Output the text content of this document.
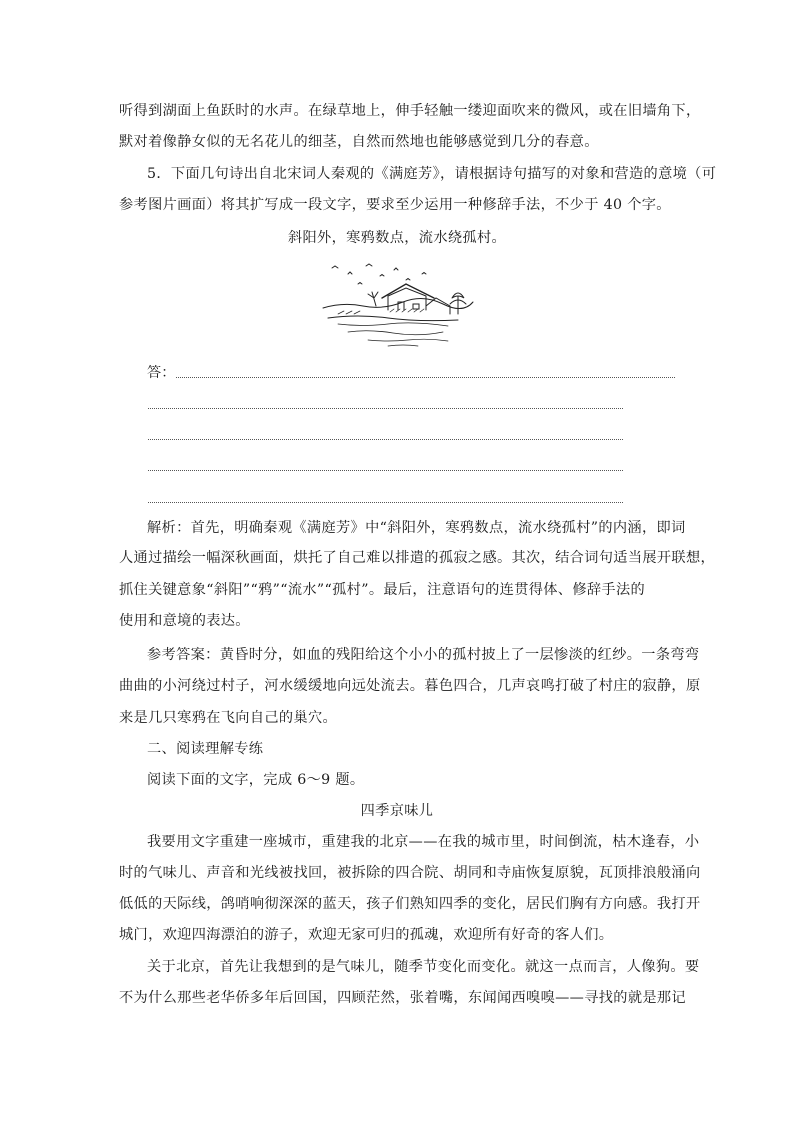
听得到湖面上鱼跃时的水声。在绿草地上，伸手轻触一缕迎面吹来的微风，或在旧墙角下，
默对着像静女似的无名花儿的细茎，自然而然地也能够感觉到几分的春意。
5．下面几句诗出自北宋词人秦观的《满庭芳》，请根据诗句描写的对象和营造的意境（可
参考图片画面）将其扩写成一段文字，要求至少运用一种修辞手法，不少于 40 个字。
斜阳外，寒鸦数点，流水绕孤村。
答：
解析：首先，明确秦观《满庭芳》中“斜阳外，寒鸦数点，流水绕孤村”的内涵，即词
人通过描绘一幅深秋画面，烘托了自己难以排遣的孤寂之感。其次，结合词句适当展开联想，
抓住关键意象“斜阳”“鸦”“流水”“孤村”。最后，注意语句的连贯得体、修辞手法的
使用和意境的表达。
参考答案：黄昏时分，如血的残阳给这个小小的孤村披上了一层惨淡的红纱。一条弯弯
曲曲的小河绕过村子，河水缓缓地向远处流去。暮色四合，几声哀鸣打破了村庄的寂静，原
来是几只寒鸦在飞向自己的巢穴。
二、阅读理解专练
阅读下面的文字，完成 6～9 题。
四季京味儿
我要用文字重建一座城市，重建我的北京——在我的城市里，时间倒流，枯木逢春，小
时的气味儿、声音和光线被找回，被拆除的四合院、胡同和寺庙恢复原貌，瓦顶排浪般涌向
低低的天际线，鸽哨响彻深深的蓝天，孩子们熟知四季的变化，居民们胸有方向感。我打开
城门，欢迎四海漂泊的游子，欢迎无家可归的孤魂，欢迎所有好奇的客人们。
关于北京，首先让我想到的是气味儿，随季节变化而变化。就这一点而言，人像狗。要
不为什么那些老华侨多年后回国，四顾茫然，张着嘴，东闻闻西嗅嗅——寻找的就是那记
